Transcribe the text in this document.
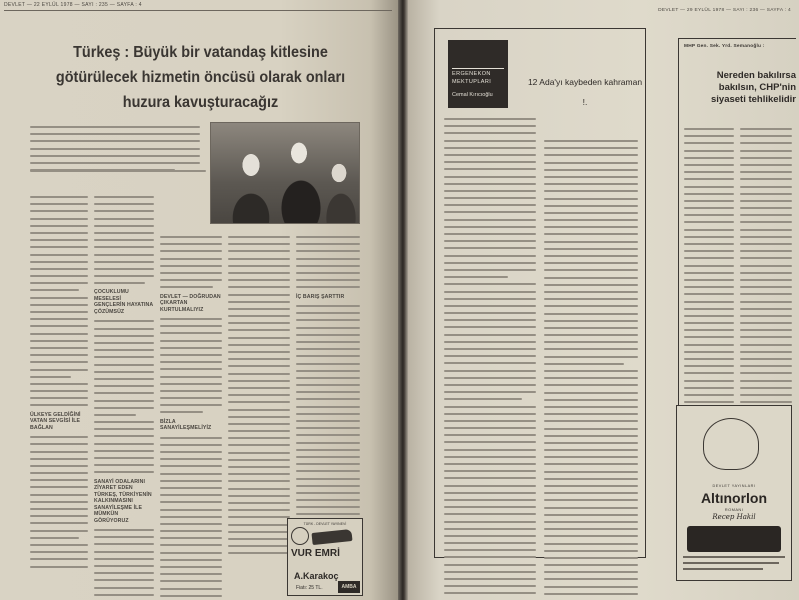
DEVLET — 22 EYLÜL 1978 — SAYI : 235 — SAYFA : 4
Türkeş : Büyük bir vatandaş kitlesine götürülecek hizmetin öncüsü olarak onları huzura kavuşturacağız
ÜLKEYE GELDİĞİNİ VATAN SEVGİSİ İLE BAĞLAN
ÇOCUKLUMU MESELESİ GENÇLERİN HAYATINA ÇÖZÜMSÜZ
SANAYİ ODALARINI ZİYARET EDEN TÜRKEŞ, TÜRKİYENİN KALKINMASINI SANAYİLEŞME İLE MÜMKÜN GÖRÜYORUZ
DEVLET — DOĞRUDAN ÇIKARTAN KURTULMALIYIZ
BİZLA SANAYİLEŞMELİYİZ
İÇ BARIŞ ŞARTTIR
TÜRK - DEVLET YAYINEVİ
VUR EMRİ
A.Karakoç
Fiatı: 25 TL.	AMBA
DEVLET — 29 EYLÜL 1978 — SAYI : 236 — SAYFA : 4
ERGENEKON MEKTUPLARI
Cemal Kırıcıoğlu
12 Ada'yı kaybeden kahraman !.
MHP Gen. Sek. Yrd. Semanoğlu :
Nereden bakılırsa bakılsın, CHP'nin siyaseti tehlikelidir
DEVLET YAYINLARI
Altınorlon
ROMANI
Recep Hakil
